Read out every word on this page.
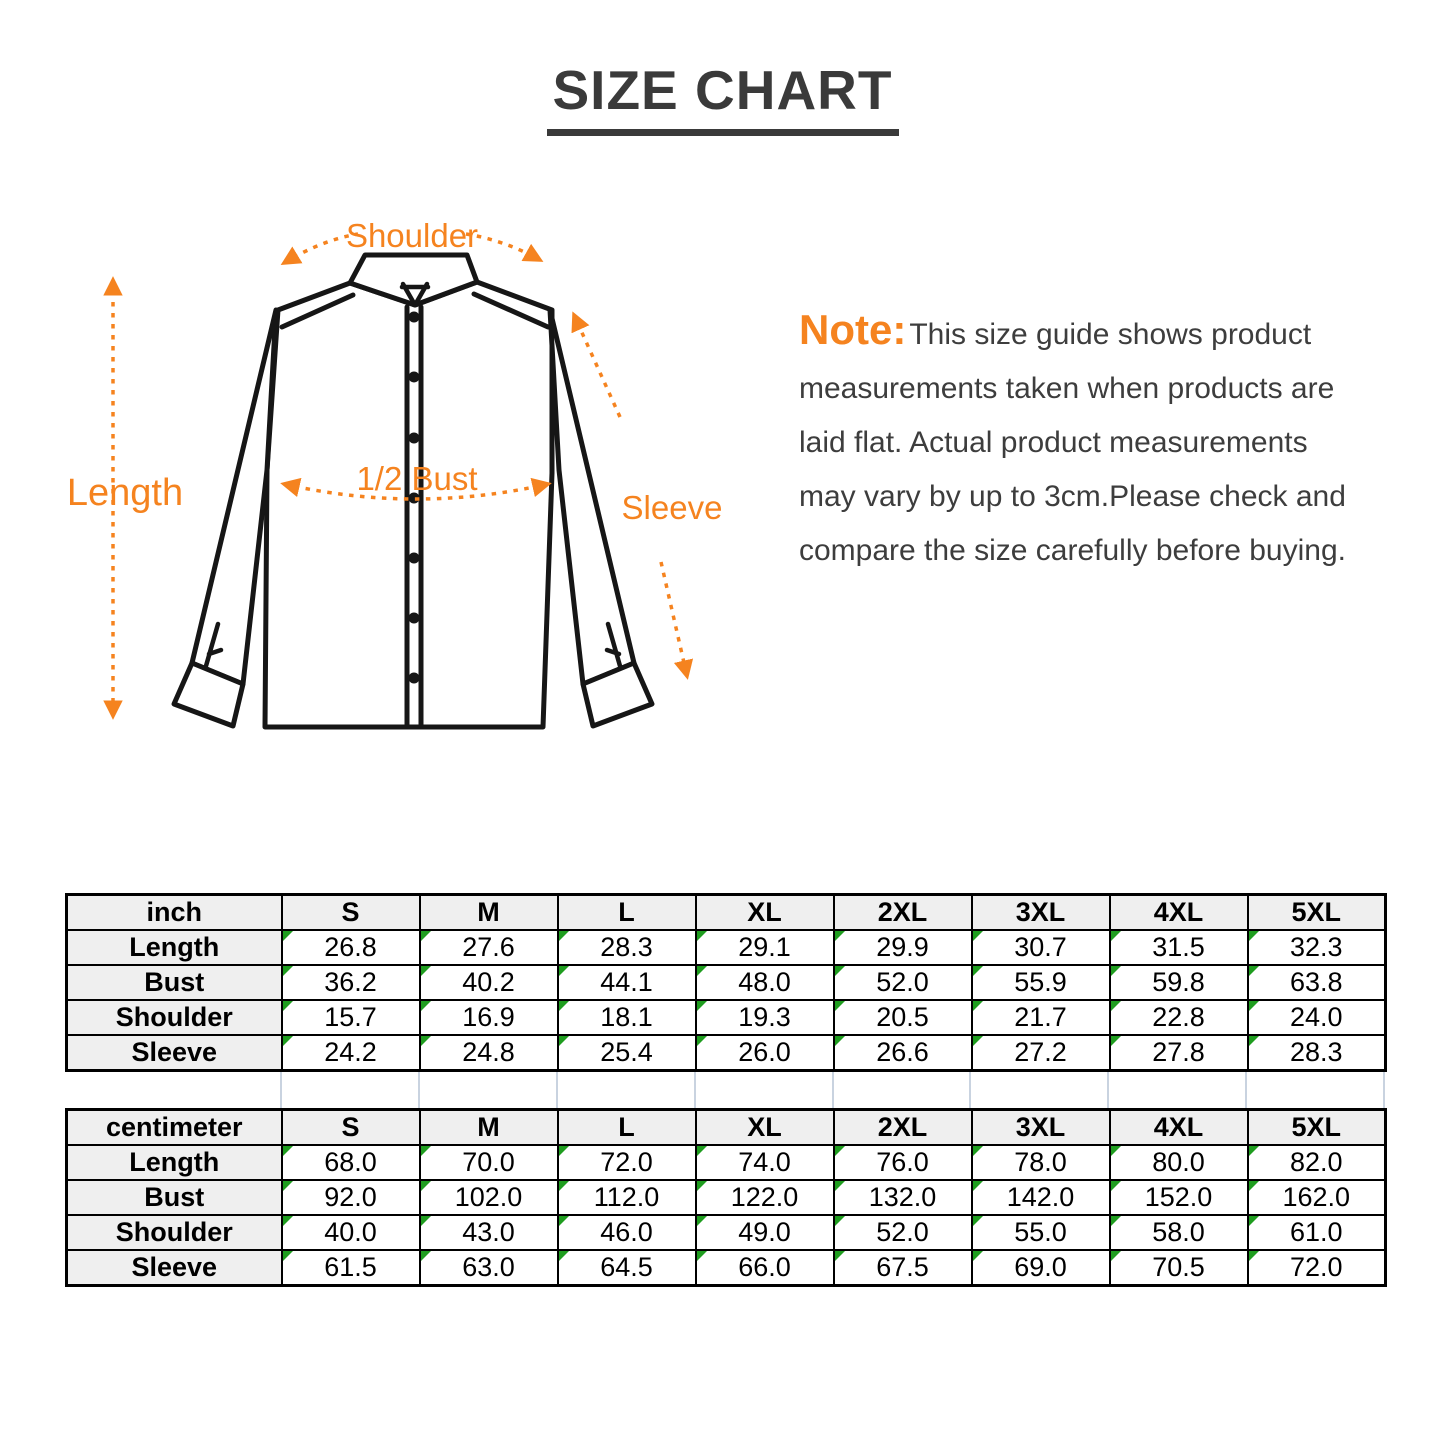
SIZE CHART
Shoulder
Length	1/2 Bust
Sleeve
Note: This size guide shows product
measurements taken when products are
laid flat. Actual product measurements
may vary by up to 3cm.Please check and
compare the size carefully before buying.
inch	S	M	L	XL	2XL	3XL	4XL	5XL
Length	26.8	27.6	28.3	29.1	29.9	30.7	31.5	32.3
Bust	36.2	40.2	44.1	48.0	52.0	55.9	59.8	63.8
Shoulder	15.7	16.9	18.1	19.3	20.5	21.7	22.8	24.0
Sleeve	24.2	24.8	25.4	26.0	26.6	27.2	27.8	28.3
centimeter	S	M	L	XL	2XL	3XL	4XL	5XL
Length	68.0	70.0	72.0	74.0	76.0	78.0	80.0	82.0
Bust	92.0	102.0	112.0	122.0	132.0	142.0	152.0	162.0
Shoulder	40.0	43.0	46.0	49.0	52.0	55.0	58.0	61.0
Sleeve	61.5	63.0	64.5	66.0	67.5	69.0	70.5	72.0
